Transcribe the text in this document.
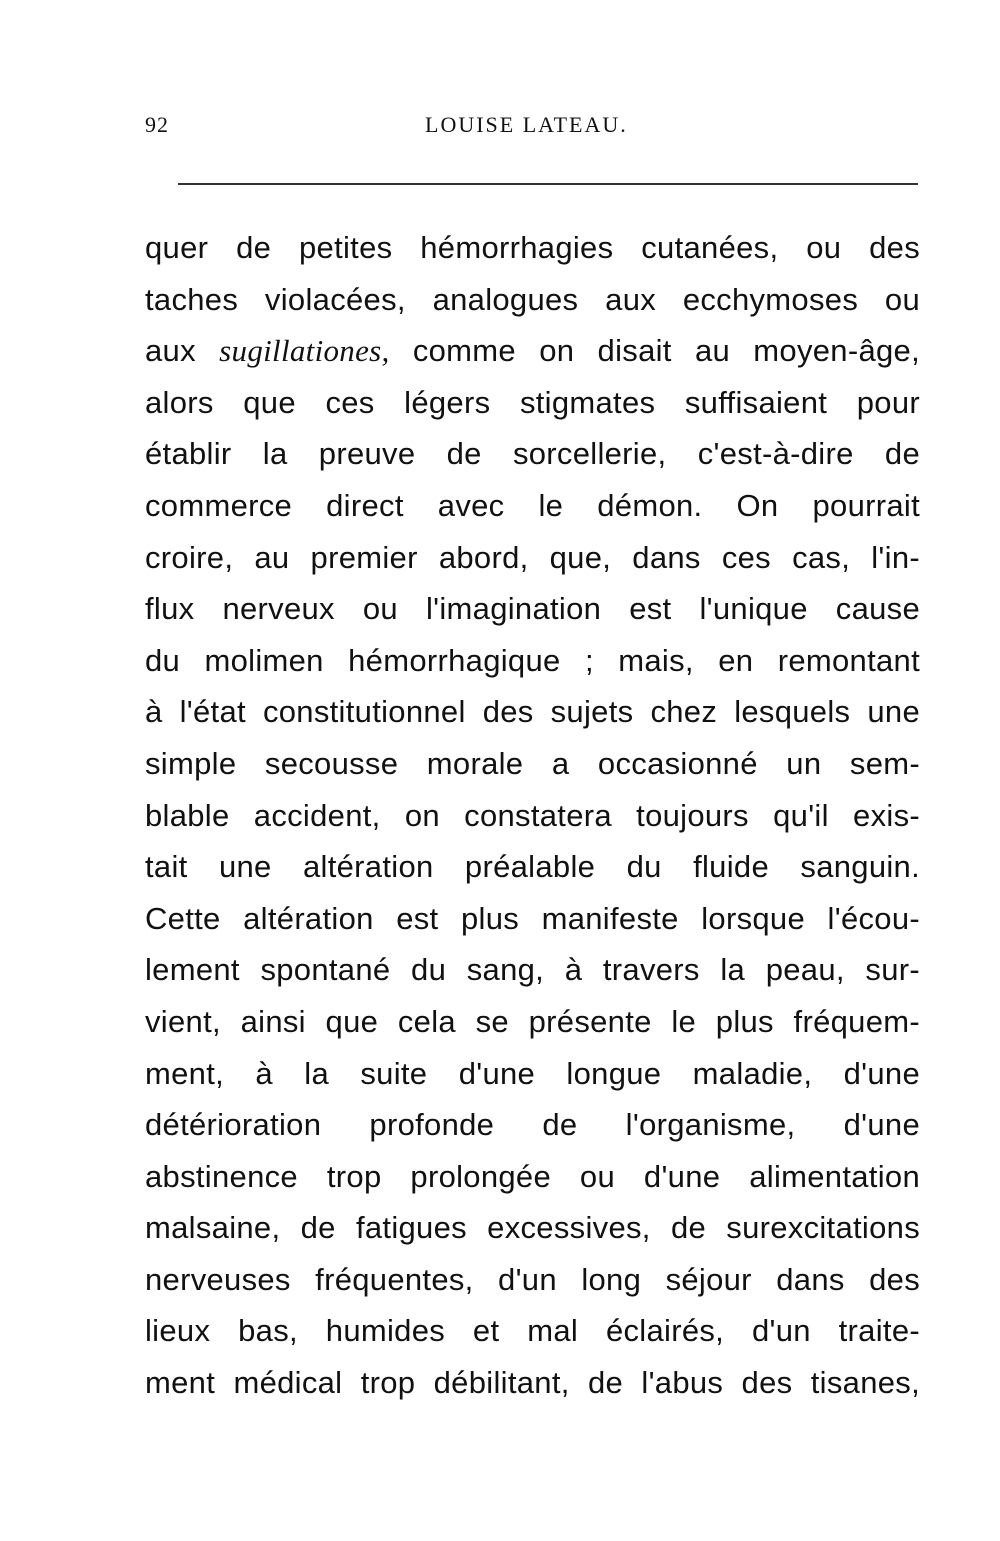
92	LOUISE LATEAU.
quer de petites hémorrhagies cutanées, ou des
taches violacées, analogues aux ecchymoses ou
aux sugillationes, comme on disait au moyen-âge,
alors que ces légers stigmates suffisaient pour
établir la preuve de sorcellerie, c'est-à-dire de
commerce direct avec le démon. On pourrait
croire, au premier abord, que, dans ces cas, l'in-
flux nerveux ou l'imagination est l'unique cause
du molimen hémorrhagique ; mais, en remontant
à l'état constitutionnel des sujets chez lesquels une
simple secousse morale a occasionné un sem-
blable accident, on constatera toujours qu'il exis-
tait une altération préalable du fluide sanguin.
Cette altération est plus manifeste lorsque l'écou-
lement spontané du sang, à travers la peau, sur-
vient, ainsi que cela se présente le plus fréquem-
ment, à la suite d'une longue maladie, d'une
détérioration profonde de l'organisme, d'une
abstinence trop prolongée ou d'une alimentation
malsaine, de fatigues excessives, de surexcitations
nerveuses fréquentes, d'un long séjour dans des
lieux bas, humides et mal éclairés, d'un traite-
ment médical trop débilitant, de l'abus des tisanes,
